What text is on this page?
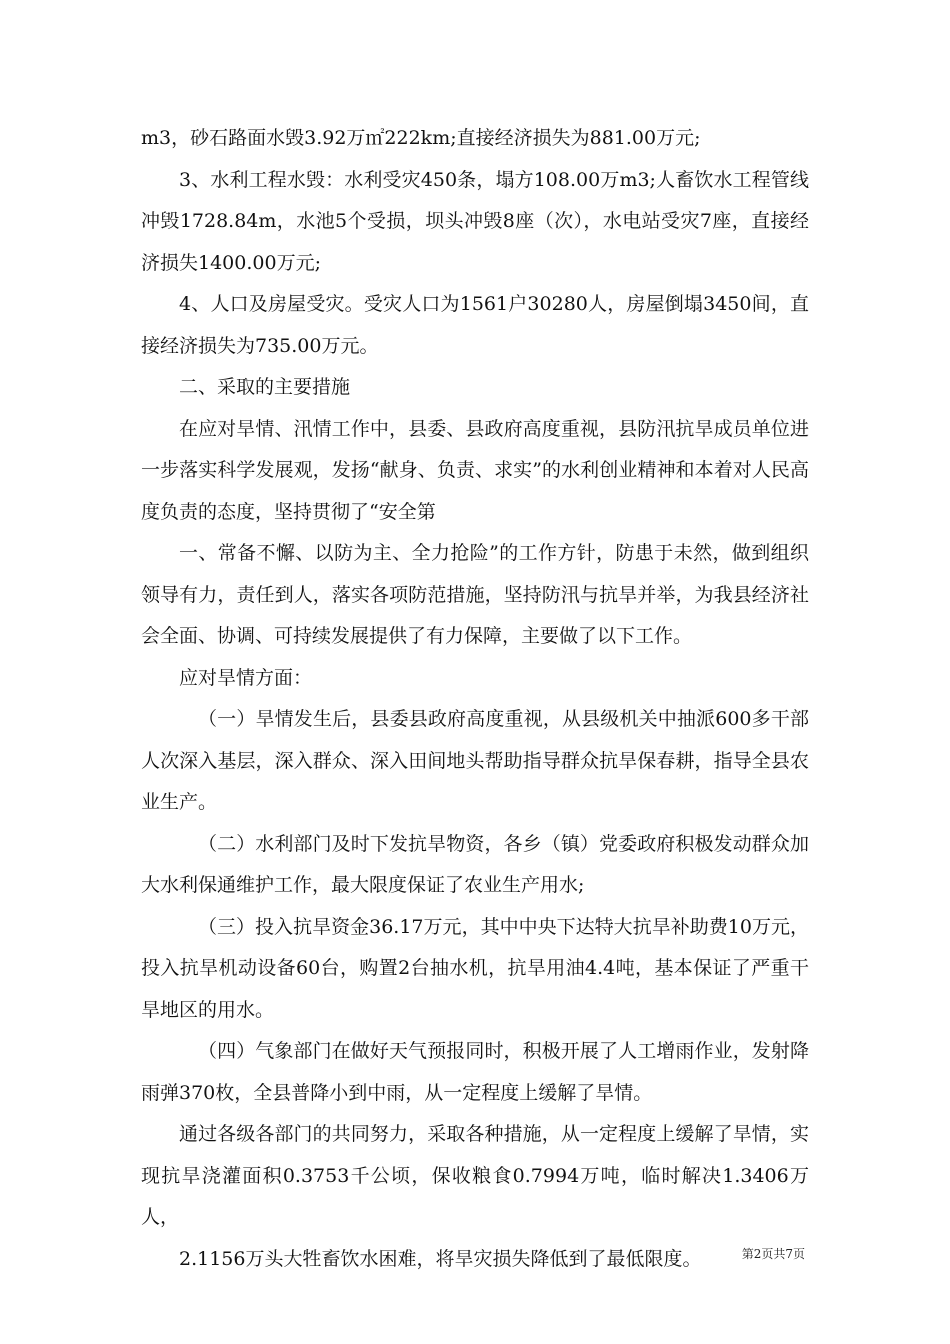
m3，砂石路面水毁3.92万㎡222km;直接经济损失为881.00万元;

3、水利工程水毁：水利受灾450条，塌方108.00万m3;人畜饮水工程管线冲毁1728.84m，水池5个受损，坝头冲毁8座（次），水电站受灾7座，直接经济损失1400.00万元;

4、人口及房屋受灾。受灾人口为1561户30280人，房屋倒塌3450间，直接经济损失为735.00万元。

二、采取的主要措施

在应对旱情、汛情工作中，县委、县政府高度重视，县防汛抗旱成员单位进一步落实科学发展观，发扬“献身、负责、求实”的水利创业精神和本着对人民高度负责的态度，坚持贯彻了“安全第

一、常备不懈、以防为主、全力抢险”的工作方针，防患于未然，做到组织领导有力，责任到人，落实各项防范措施，坚持防汛与抗旱并举，为我县经济社会全面、协调、可持续发展提供了有力保障，主要做了以下工作。

应对旱情方面：

（一）旱情发生后，县委县政府高度重视，从县级机关中抽派600多干部人次深入基层，深入群众、深入田间地头帮助指导群众抗旱保春耕，指导全县农业生产。

（二）水利部门及时下发抗旱物资，各乡（镇）党委政府积极发动群众加大水利保通维护工作，最大限度保证了农业生产用水;

（三）投入抗旱资金36.17万元，其中中央下达特大抗旱补助费10万元，投入抗旱机动设备60台，购置2台抽水机，抗旱用油4.4吨，基本保证了严重干旱地区的用水。

（四）气象部门在做好天气预报同时，积极开展了人工增雨作业，发射降雨弹370枚，全县普降小到中雨，从一定程度上缓解了旱情。

通过各级各部门的共同努力，采取各种措施，从一定程度上缓解了旱情，实现抗旱浇灌面积0.3753千公顷，保收粮食0.7994万吨，临时解决1.3406万人，

2.1156万头大牲畜饮水困难，将旱灾损失降低到了最低限度。	第2页共7页
